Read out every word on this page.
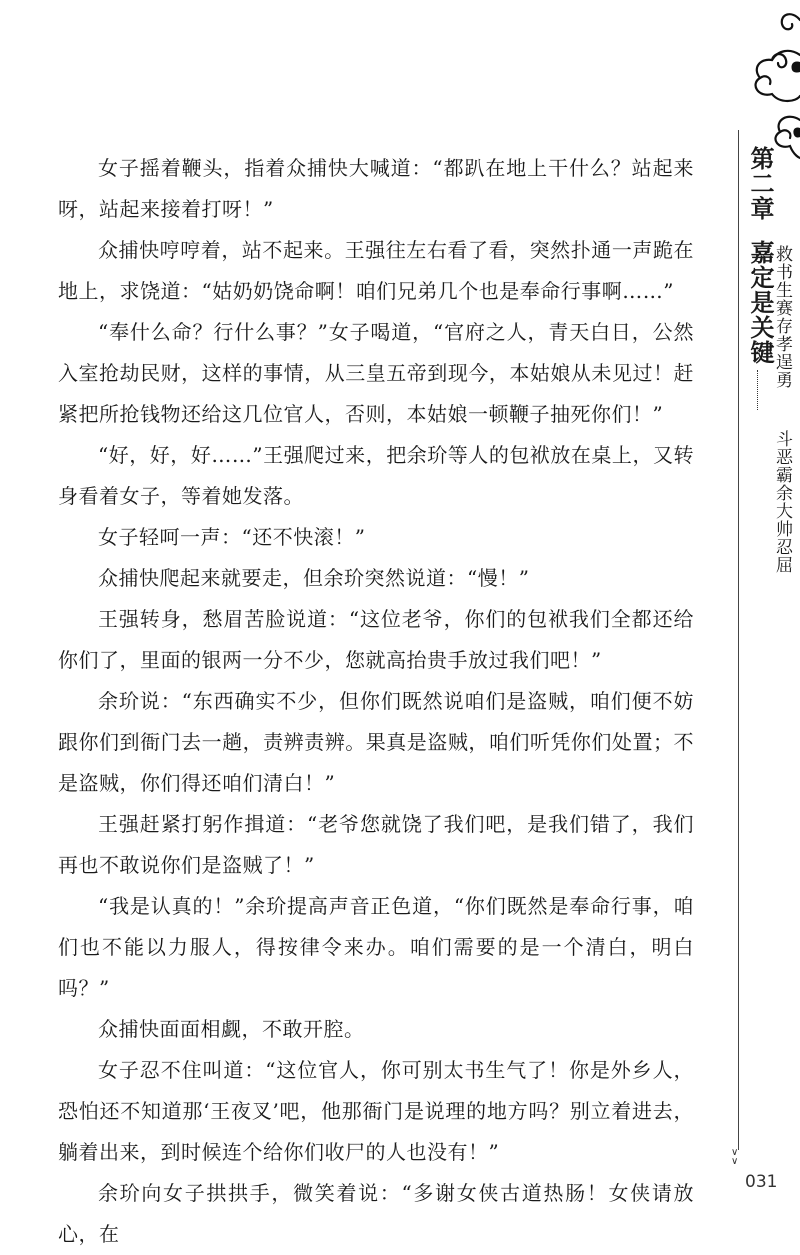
女子摇着鞭头，指着众捕快大喊道：“都趴在地上干什么？站起来呀，站起来接着打呀！”

众捕快哼哼着，站不起来。王强往左右看了看，突然扑通一声跪在地上，求饶道：“姑奶奶饶命啊！咱们兄弟几个也是奉命行事啊……”

“奉什么命？行什么事？”女子喝道，“官府之人，青天白日，公然入室抢劫民财，这样的事情，从三皇五帝到现今，本姑娘从未见过！赶紧把所抢钱物还给这几位官人，否则，本姑娘一顿鞭子抽死你们！”

“好，好，好……”王强爬过来，把余玠等人的包袱放在桌上，又转身看着女子，等着她发落。

女子轻呵一声：“还不快滚！”

众捕快爬起来就要走，但余玠突然说道：“慢！”

王强转身，愁眉苦脸说道：“这位老爷，你们的包袱我们全都还给你们了，里面的银两一分不少，您就高抬贵手放过我们吧！”

余玠说：“东西确实不少，但你们既然说咱们是盗贼，咱们便不妨跟你们到衙门去一趟，责辨责辨。果真是盗贼，咱们听凭你们处置；不是盗贼，你们得还咱们清白！”

王强赶紧打躬作揖道：“老爷您就饶了我们吧，是我们错了，我们再也不敢说你们是盗贼了！”

“我是认真的！”余玠提高声音正色道，“你们既然是奉命行事，咱们也不能以力服人，得按律令来办。咱们需要的是一个清白，明白吗？”

众捕快面面相觑，不敢开腔。

女子忍不住叫道：“这位官人，你可别太书生气了！你是外乡人，恐怕还不知道那‘王夜叉’吧，他那衙门是说理的地方吗？别立着进去，躺着出来，到时候连个给你们收尸的人也没有！”

余玠向女子拱拱手，微笑着说：“多谢女侠古道热肠！女侠请放心，在

第二章
嘉定是关键
救书生赛存孝逞勇
斗恶霸余大帅忍屈
∨
∨
031
